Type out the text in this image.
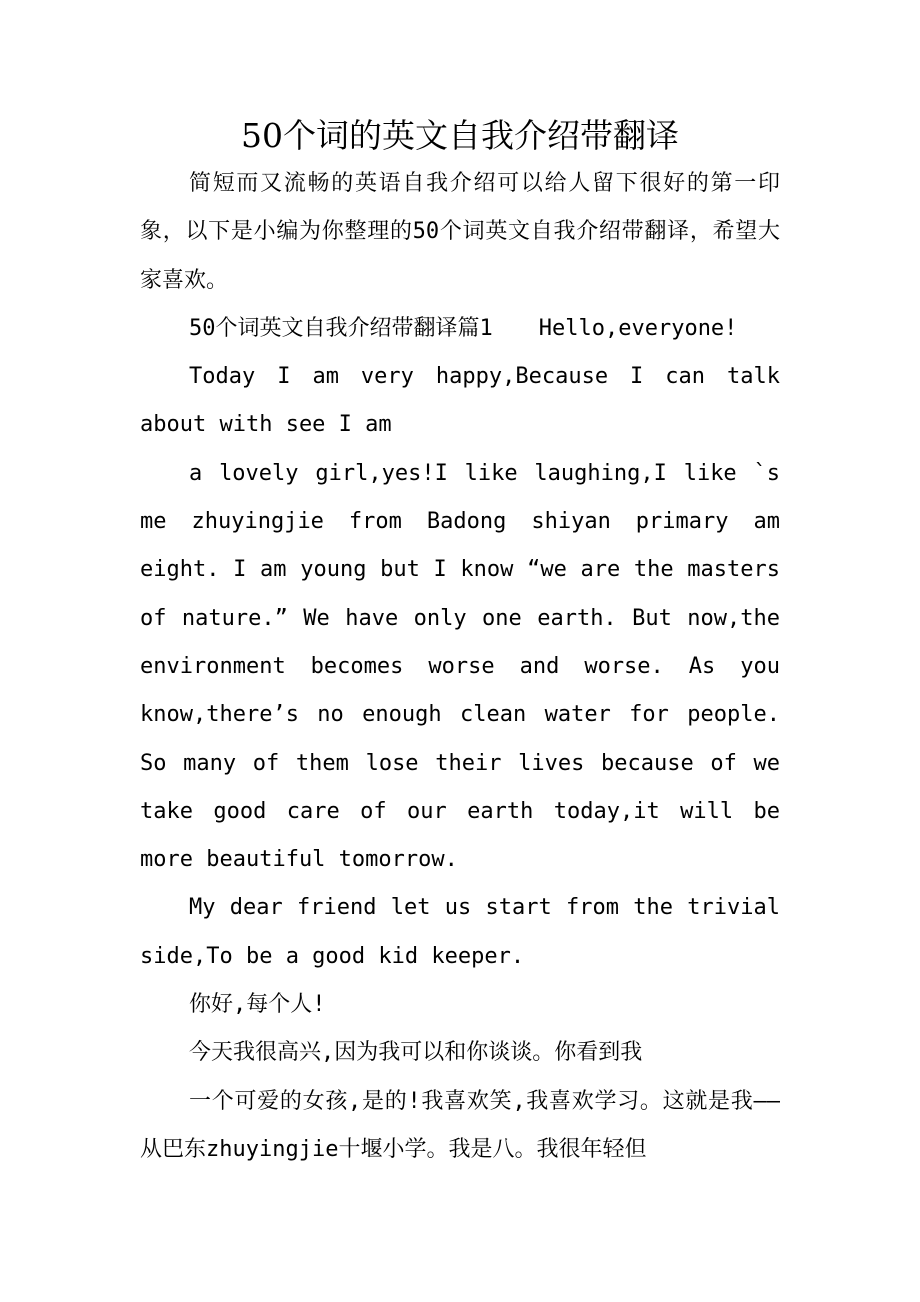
50个词的英文自我介绍带翻译

简短而又流畅的英语自我介绍可以给人留下很好的第一印象，以下是小编为你整理的50个词英文自我介绍带翻译，希望大家喜欢。

50个词英文自我介绍带翻译篇1 Hello,everyone!

Today I am very happy,Because I can talk about with see I am

a lovely girl,yes!I like laughing,I like `s me zhuyingjie from Badong shiyan primary am eight. I am young but I know “we are the masters of nature.” We have only one earth. But now,the environment becomes worse and worse. As you know,there’s no enough clean water for people. So many of them lose their lives because of we take good care of our earth today,it will be more beautiful tomorrow.

My dear friend let us start from the trivial side,To be a good kid keeper.

你好,每个人!

今天我很高兴,因为我可以和你谈谈。你看到我

一个可爱的女孩,是的!我喜欢笑,我喜欢学习。这就是我——从巴东zhuyingjie十堰小学。我是八。我很年轻但
